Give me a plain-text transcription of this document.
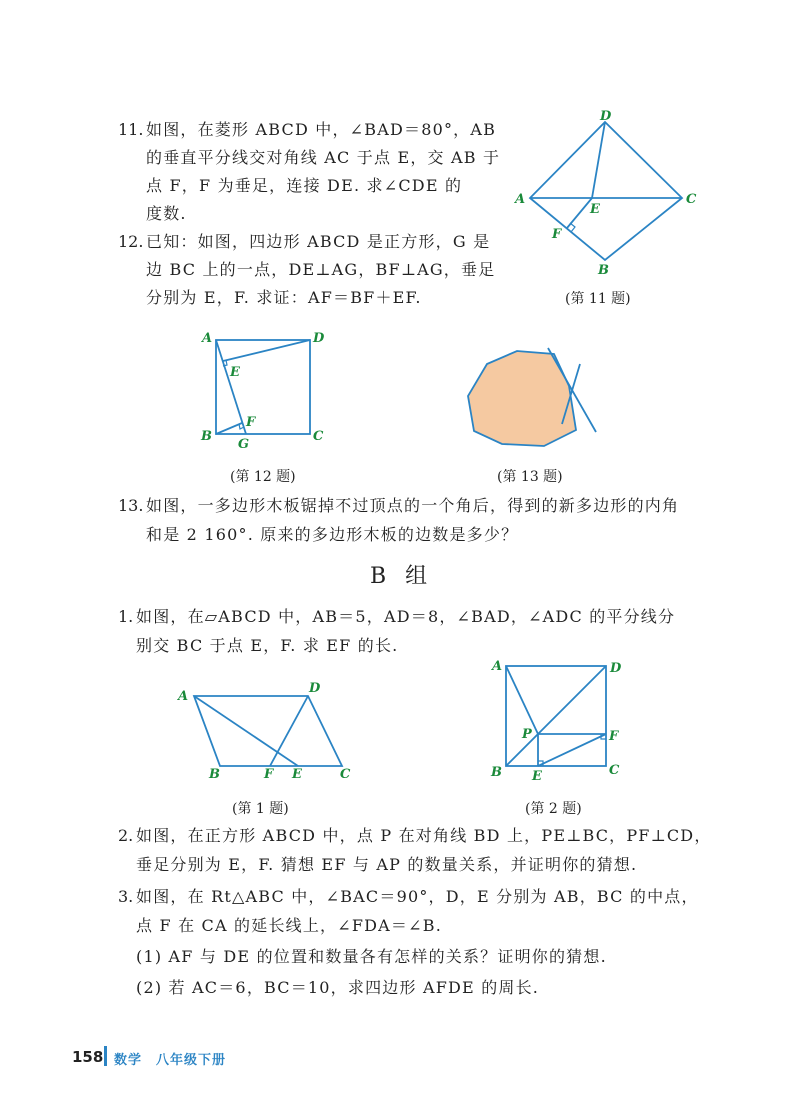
11. 如图，在菱形 ABCD 中，∠BAD＝80°，AB
的垂直平分线交对角线 AC 于点 E，交 AB 于
点 F，F 为垂足，连接 DE. 求∠CDE 的
度数.
12. 已知：如图，四边形 ABCD 是正方形，G 是
边 BC 上的一点，DE⊥AG，BF⊥AG，垂足
分别为 E，F. 求证：AF＝BF＋EF.
D
A
E
C
F
B
(第 11 题)
A	D
E
F
B
G
C
(第 12 题)	(第 13 题)
13. 如图，一多边形木板锯掉不过顶点的一个角后，得到的新多边形的内角
和是 2 160°. 原来的多边形木板的边数是多少？
B 组
1. 如图，在▱ABCD 中，AB＝5，AD＝8，∠BAD，∠ADC 的平分线分
别交 BC 于点 E，F. 求 EF 的长.
A
D
B	F E	C
(第 1 题)
A	D
P	F
B E	C
(第 2 题)
2. 如图，在正方形 ABCD 中，点 P 在对角线 BD 上，PE⊥BC，PF⊥CD，
垂足分别为 E，F. 猜想 EF 与 AP 的数量关系，并证明你的猜想.
3. 如图，在 Rt△ABC 中，∠BAC＝90°，D，E 分别为 AB，BC 的中点，
点 F 在 CA 的延长线上，∠FDA＝∠B.
(1) AF 与 DE 的位置和数量各有怎样的关系？证明你的猜想.
(2) 若 AC＝6，BC＝10，求四边形 AFDE 的周长.
158 数学　八年级下册
